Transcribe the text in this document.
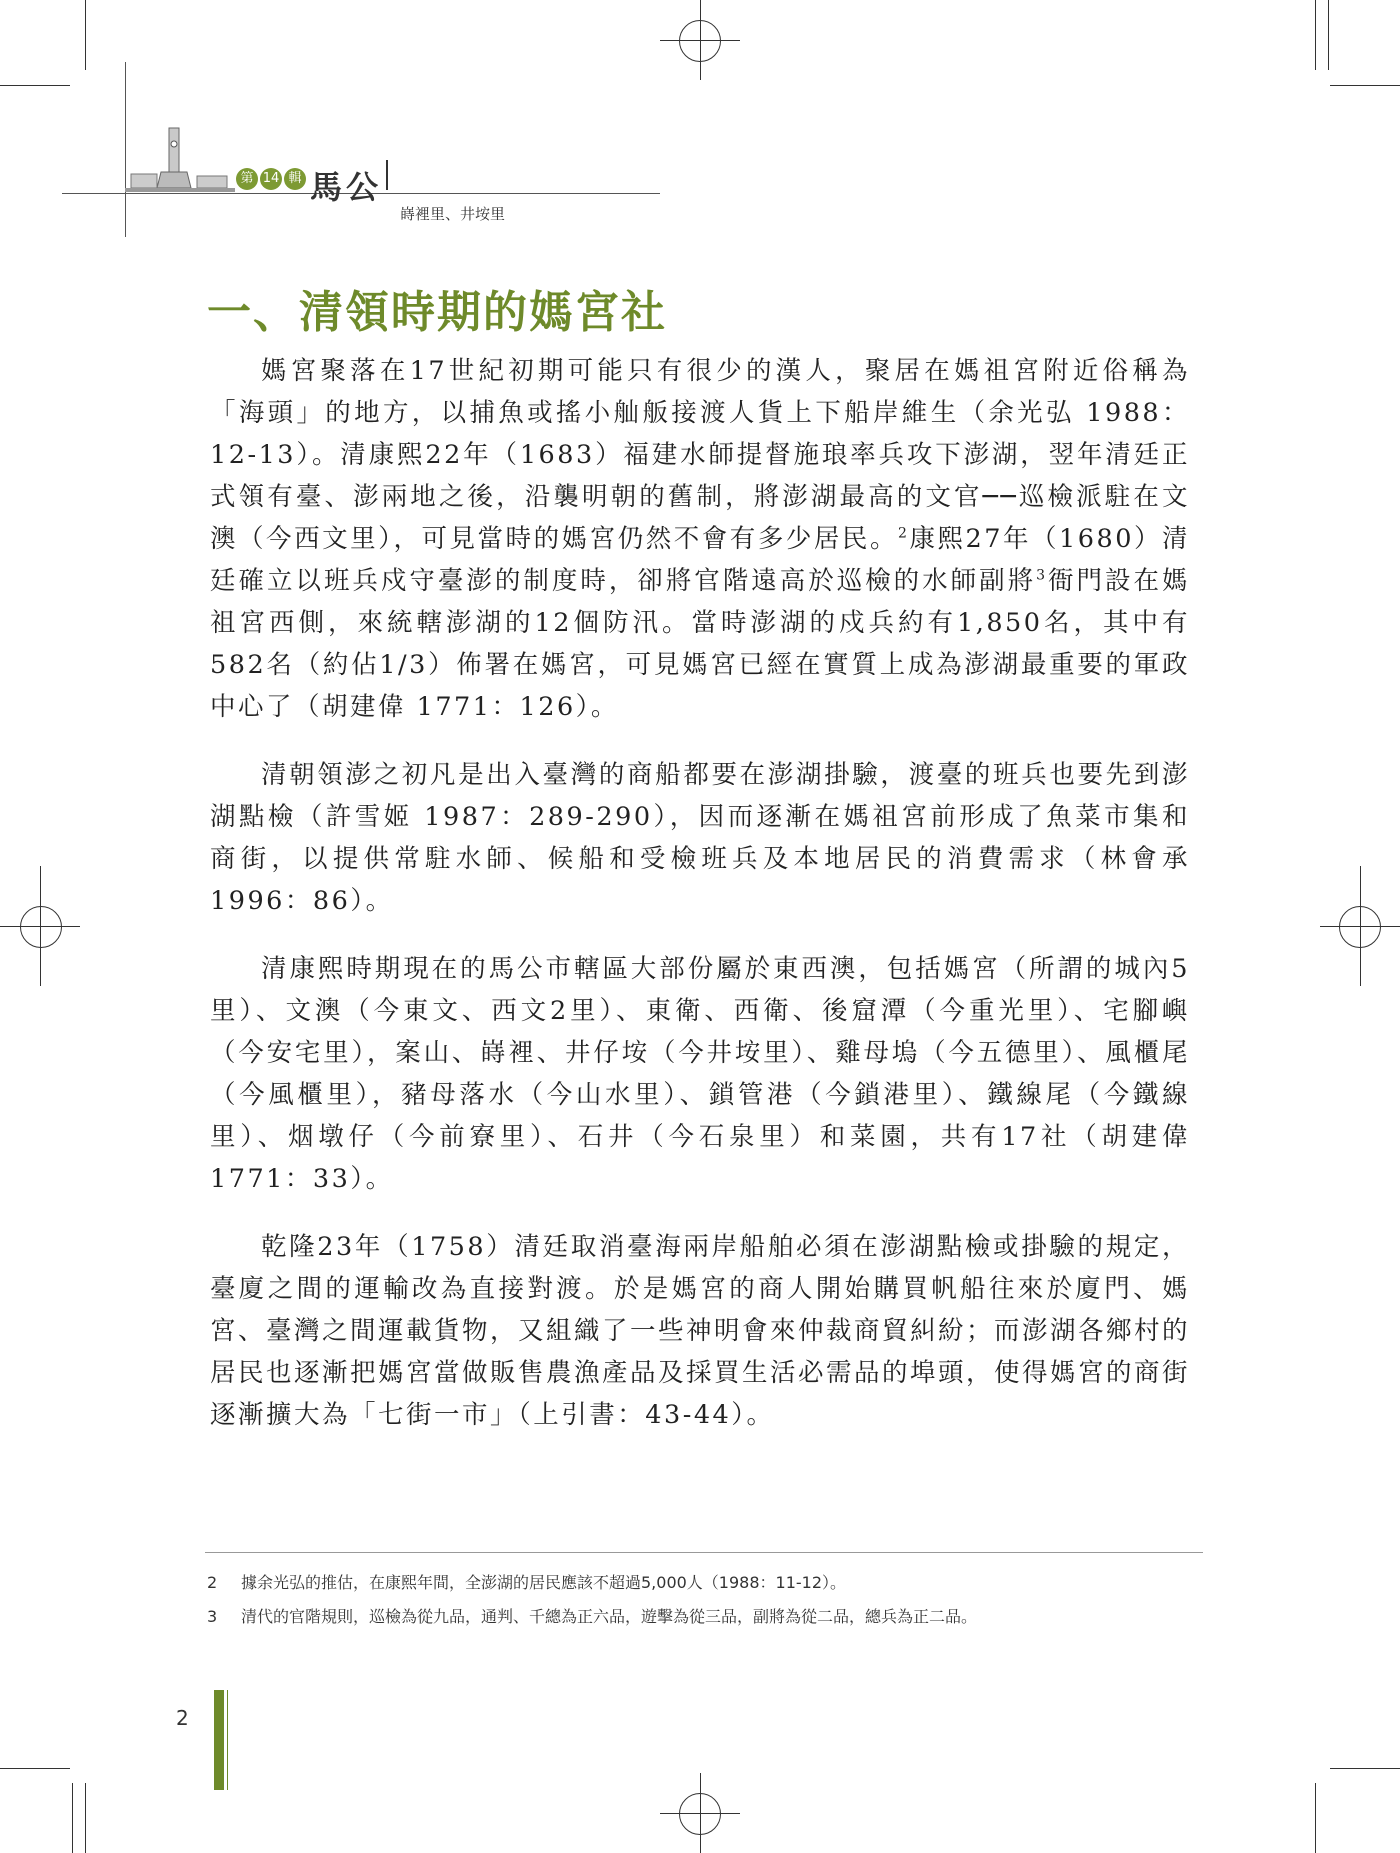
第 14 輯 馬公
嵵裡里、井垵里
一、清領時期的媽宮社

媽宮聚落在17世紀初期可能只有很少的漢人，聚居在媽祖宮附近俗稱為「海頭」的地方，以捕魚或搖小舢舨接渡人貨上下船岸維生（余光弘 1988：12-13）。清康熙22年（1683）福建水師提督施琅率兵攻下澎湖，翌年清廷正式領有臺、澎兩地之後，沿襲明朝的舊制，將澎湖最高的文官──巡檢派駐在文澳（今西文里），可見當時的媽宮仍然不會有多少居民。$^2$康熙27年（1680）清廷確立以班兵戍守臺澎的制度時，卻將官階遠高於巡檢的水師副將$^3$衙門設在媽祖宮西側，來統轄澎湖的12個防汛。當時澎湖的戍兵約有1,850名，其中有582名（約佔1/3）佈署在媽宮，可見媽宮已經在實質上成為澎湖最重要的軍政中心了（胡建偉 1771：126）。

清朝領澎之初凡是出入臺灣的商船都要在澎湖掛驗，渡臺的班兵也要先到澎湖點檢（許雪姬 1987：289-290），因而逐漸在媽祖宮前形成了魚菜市集和商街，以提供常駐水師、候船和受檢班兵及本地居民的消費需求（林會承 1996：86）。

清康熙時期現在的馬公市轄區大部份屬於東西澳，包括媽宮（所謂的城內5里）、文澳（今東文、西文2里）、東衛、西衛、後窟潭（今重光里）、宅腳嶼（今安宅里），案山、嵵裡、井仔垵（今井垵里）、雞母塢（今五德里）、風櫃尾（今風櫃里），豬母落水（今山水里）、鎖管港（今鎖港里）、鐵線尾（今鐵線里）、烟墩仔（今前寮里）、石井（今石泉里）和菜園，共有17社（胡建偉 1771：33）。

乾隆23年（1758）清廷取消臺海兩岸船舶必須在澎湖點檢或掛驗的規定，臺廈之間的運輸改為直接對渡。於是媽宮的商人開始購買帆船往來於廈門、媽宮、臺灣之間運載貨物，又組織了一些神明會來仲裁商貿糾紛；而澎湖各鄉村的居民也逐漸把媽宮當做販售農漁產品及採買生活必需品的埠頭，使得媽宮的商街逐漸擴大為「七街一市」（上引書：43-44）。

2 據余光弘的推估，在康熙年間，全澎湖的居民應該不超過5,000人（1988：11-12）。
3 清代的官階規則，巡檢為從九品，通判、千總為正六品，遊擊為從三品，副將為從二品，總兵為正二品。
2
